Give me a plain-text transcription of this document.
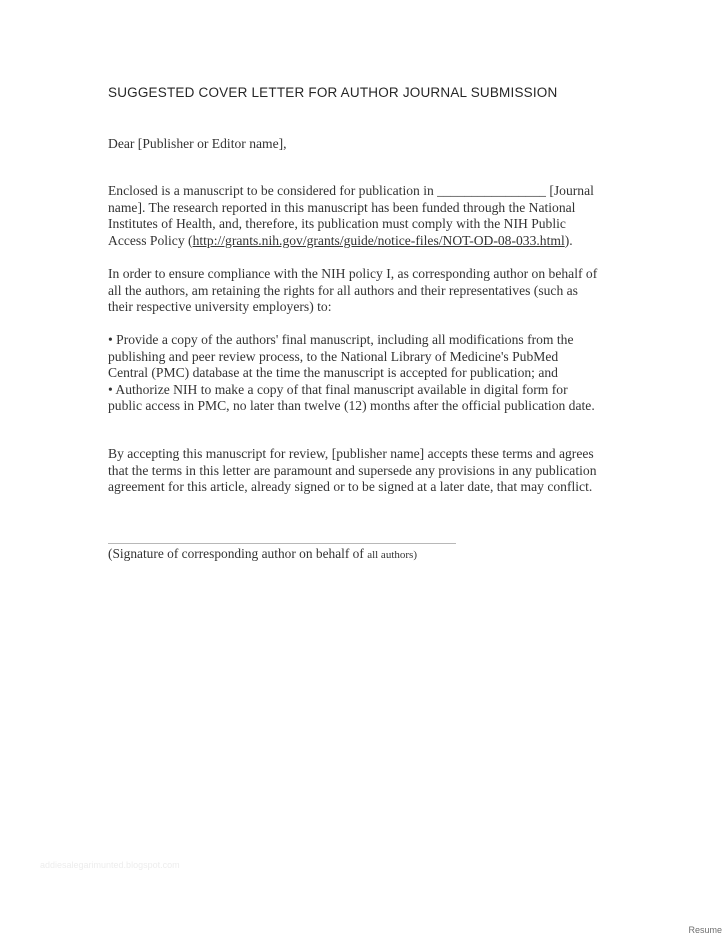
SUGGESTED COVER LETTER FOR AUTHOR JOURNAL SUBMISSION
Dear [Publisher or Editor name],
Enclosed is a manuscript to be considered for publication in ________________ [Journal
name]. The research reported in this manuscript has been funded through the National
Institutes of Health, and, therefore, its publication must comply with the NIH Public
Access Policy (http://grants.nih.gov/grants/guide/notice-files/NOT-OD-08-033.html).
In order to ensure compliance with the NIH policy I, as corresponding author on behalf of
all the authors, am retaining the rights for all authors and their representatives (such as
their respective university employers) to:
• Provide a copy of the authors' final manuscript, including all modifications from the
publishing and peer review process, to the National Library of Medicine's PubMed
Central (PMC) database at the time the manuscript is accepted for publication; and
• Authorize NIH to make a copy of that final manuscript available in digital form for
public access in PMC, no later than twelve (12) months after the official publication date.
By accepting this manuscript for review, [publisher name] accepts these terms and agrees
that the terms in this letter are paramount and supersede any provisions in any publication
agreement for this article, already signed or to be signed at a later date, that may conflict.
(Signature of corresponding author on behalf of all authors)
addiesalegarimunted.blogspot.com
Resume
